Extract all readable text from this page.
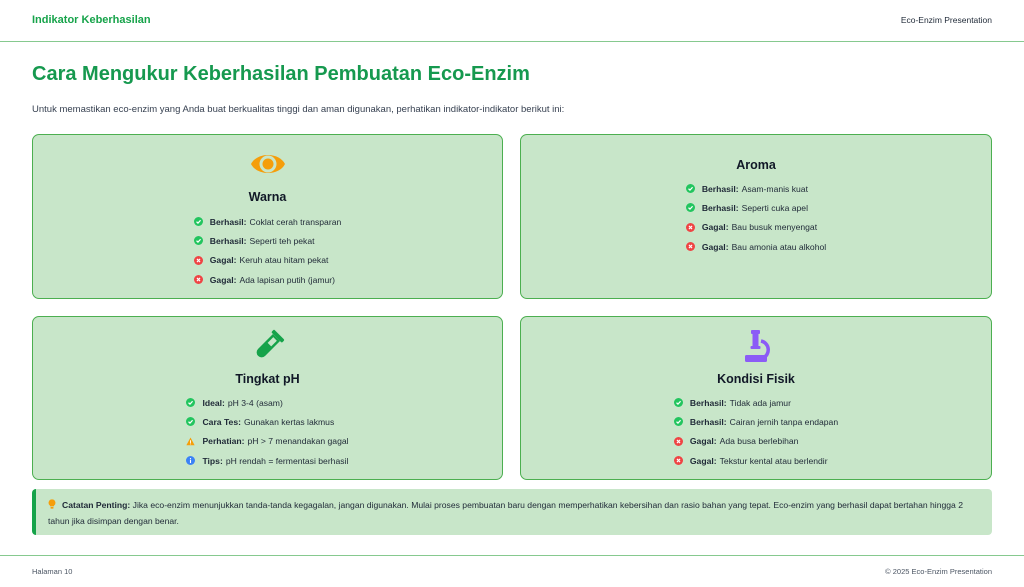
Indikator Keberhasilan	Eco-Enzim Presentation
Cara Mengukur Keberhasilan Pembuatan Eco-Enzim

Untuk memastikan eco-enzim yang Anda buat berkualitas tinggi dan aman digunakan, perhatikan indikator-indikator berikut ini:

Warna
Berhasil: Coklat cerah transparan
Berhasil: Seperti teh pekat
Gagal: Keruh atau hitam pekat
Gagal: Ada lapisan putih (jamur)
Aroma
Berhasil: Asam-manis kuat
Berhasil: Seperti cuka apel
Gagal: Bau busuk menyengat
Gagal: Bau amonia atau alkohol
Tingkat pH
Ideal: pH 3-4 (asam)
Cara Tes: Gunakan kertas lakmus
Perhatian: pH > 7 menandakan gagal
Tips: pH rendah = fermentasi berhasil
Kondisi Fisik
Berhasil: Tidak ada jamur
Berhasil: Cairan jernih tanpa endapan
Gagal: Ada busa berlebihan
Gagal: Tekstur kental atau berlendir
Catatan Penting: Jika eco-enzim menunjukkan tanda-tanda kegagalan, jangan digunakan. Mulai proses pembuatan baru dengan memperhatikan kebersihan dan rasio bahan yang tepat. Eco-enzim yang berhasil dapat bertahan hingga 2 tahun jika disimpan dengan benar.
Halaman 10	© 2025 Eco-Enzim Presentation
